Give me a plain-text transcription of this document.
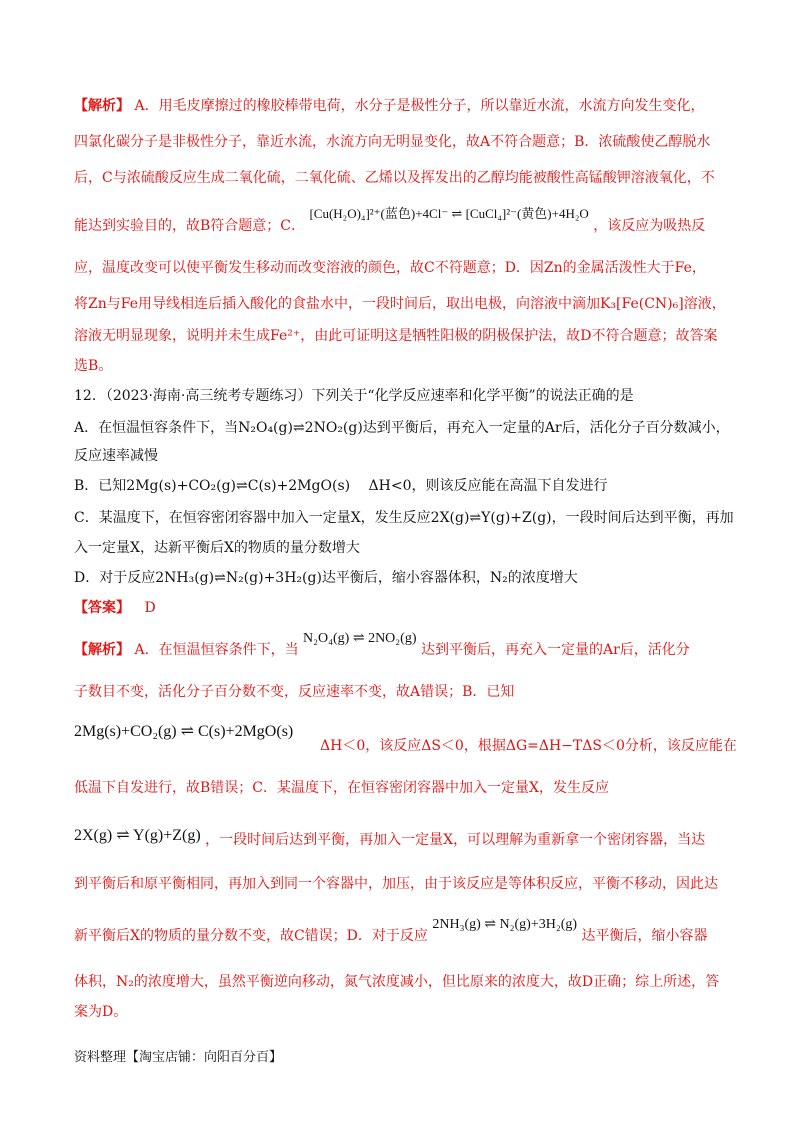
【解析】 A．用毛皮摩擦过的橡胶棒带电荷，水分子是极性分子，所以靠近水流，水流方向发生变化，
四氯化碳分子是非极性分子，靠近水流，水流方向无明显变化，故A不符合题意；B．浓硫酸使乙醇脱水
后，C与浓硫酸反应生成二氧化硫，二氧化硫、乙烯以及挥发出的乙醇均能被酸性高锰酸钾溶液氧化，不
能达到实验目的，故B符合题意；C． [Cu(H₂O)₄]²⁺(蓝色)+4Cl⁻ ⇌ [CuCl₄]²⁻(黄色)+4H₂O ，该反应为吸热反
应，温度改变可以使平衡发生移动而改变溶液的颜色，故C不符题意；D．因Zn的金属活泼性大于Fe，
将Zn与Fe用导线相连后插入酸化的食盐水中，一段时间后，取出电极，向溶液中滴加K₃[Fe(CN)₆]溶液，
溶液无明显现象，说明并未生成Fe²⁺，由此可证明这是牺牲阳极的阴极保护法，故D不符合题意；故答案
选B。
12．（2023·海南·高三统考专题练习）下列关于“化学反应速率和化学平衡”的说法正确的是
A．在恒温恒容条件下，当N₂O₄(g)⇌2NO₂(g)达到平衡后，再充入一定量的Ar后，活化分子百分数减小，
反应速率减慢
B．已知2Mg(s)+CO₂(g)⇌C(s)+2MgO(s)　 ΔH<0，则该反应能在高温下自发进行
C．某温度下，在恒容密闭容器中加入一定量X，发生反应2X(g)⇌Y(g)+Z(g)，一段时间后达到平衡，再加
入一定量X，达新平衡后X的物质的量分数增大
D．对于反应2NH₃(g)⇌N₂(g)+3H₂(g)达平衡后，缩小容器体积，N₂的浓度增大
【答案】 D
【解析】 A．在恒温恒容条件下，当 N₂O₄(g) ⇌ 2NO₂(g) 达到平衡后，再充入一定量的Ar后，活化分
子数目不变，活化分子百分数不变，反应速率不变，故A错误；B．已知
2Mg(s)+CO₂(g) ⇌ C(s)+2MgO(s)
ΔH＜0，该反应ΔS＜0，根据ΔG=ΔH−TΔS＜0分析，该反应能在
低温下自发进行，故B错误；C．某温度下，在恒容密闭容器中加入一定量X，发生反应
2X(g) ⇌ Y(g)+Z(g) ，一段时间后达到平衡，再加入一定量X，可以理解为重新拿一个密闭容器，当达
到平衡后和原平衡相同，再加入到同一个容器中，加压，由于该反应是等体积反应，平衡不移动，因此达
新平衡后X的物质的量分数不变，故C错误；D．对于反应 2NH₃(g) ⇌ N₂(g)+3H₂(g) 达平衡后，缩小容器
体积，N₂的浓度增大，虽然平衡逆向移动，氮气浓度减小，但比原来的浓度大，故D正确；综上所述，答
案为D。
资料整理【淘宝店铺：向阳百分百】
